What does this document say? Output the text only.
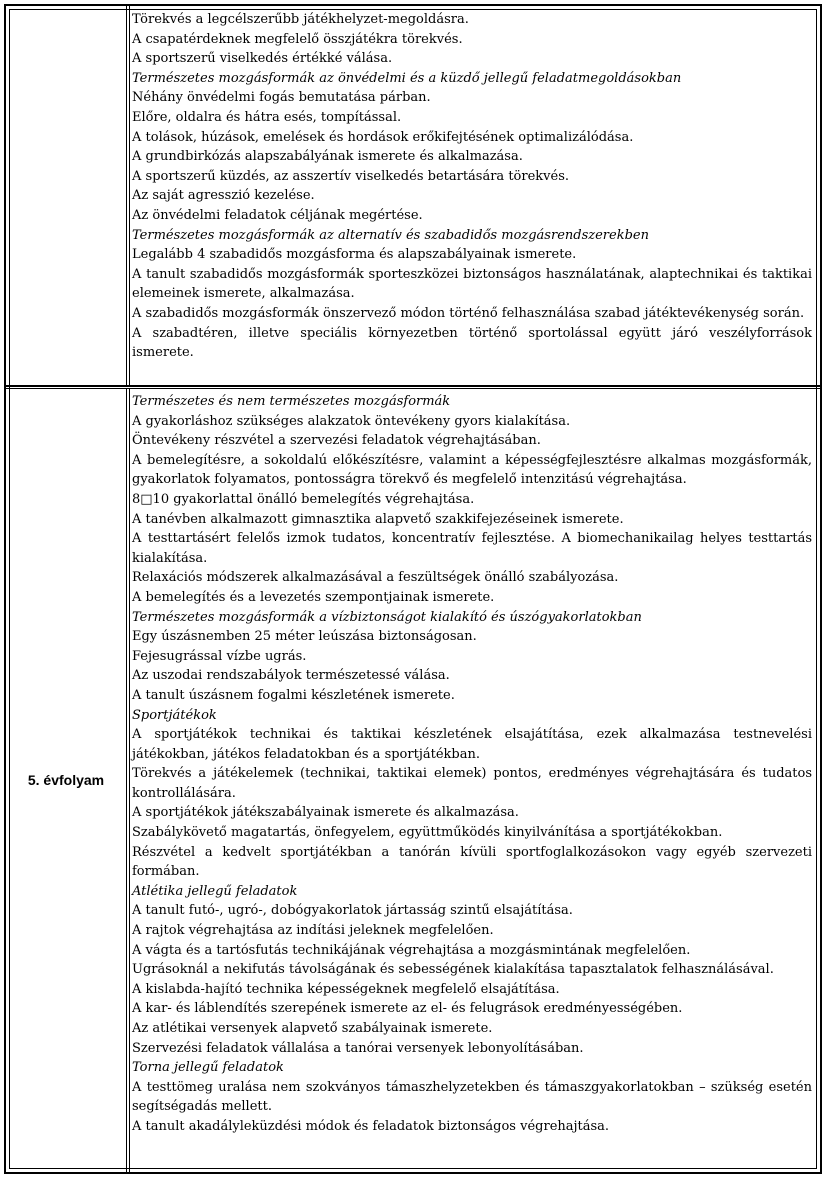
Törekvés a legcélszerűbb játékhelyzet-megoldásra.
A csapatérdeknek megfelelő összjátékra törekvés.
A sportszerű viselkedés értékké válása.
Természetes mozgásformák az önvédelmi és a küzdő jellegű feladatmegoldásokban
Néhány önvédelmi fogás bemutatása párban.
Előre, oldalra és hátra esés, tompítással.
A tolások, húzások, emelések és hordások erőkifejtésének optimalizálódása.
A grundbirkózás alapszabályának ismerete és alkalmazása.
A sportszerű küzdés, az asszertív viselkedés betartására törekvés.
Az saját agresszió kezelése.
Az önvédelmi feladatok céljának megértése.
Természetes mozgásformák az alternatív és szabadidős mozgásrendszerekben
Legalább 4 szabadidős mozgásforma és alapszabályainak ismerete.
A tanult szabadidős mozgásformák sporteszközei biztonságos használatának, alaptechnikai és taktikai elemeinek ismerete, alkalmazása.
A szabadidős mozgásformák önszervező módon történő felhasználása szabad játéktevékenység során.
A szabadtéren, illetve speciális környezetben történő sportolással együtt járó veszélyforrások ismerete.
5. évfolyam
Természetes és nem természetes mozgásformák
A gyakorláshoz szükséges alakzatok öntevékeny gyors kialakítása.
Öntevékeny részvétel a szervezési feladatok végrehajtásában.
A bemelegítésre, a sokoldalú előkészítésre, valamint a képességfejlesztésre alkalmas mozgásformák, gyakorlatok folyamatos, pontosságra törekvő és megfelelő intenzitású végrehajtása.
8□10 gyakorlattal önálló bemelegítés végrehajtása.
A tanévben alkalmazott gimnasztika alapvető szakkifejezéseinek ismerete.
A testtartásért felelős izmok tudatos, koncentratív fejlesztése. A biomechanikailag helyes testtartás kialakítása.
Relaxációs módszerek alkalmazásával a feszültségek önálló szabályozása.
A bemelegítés és a levezetés szempontjainak ismerete.
Természetes mozgásformák a vízbiztonságot kialakító és úszógyakorlatokban
Egy úszásnemben 25 méter leúszása biztonságosan.
Fejesugrással vízbe ugrás.
Az uszodai rendszabályok természetessé válása.
A tanult úszásnem fogalmi készletének ismerete.
Sportjátékok
A sportjátékok technikai és taktikai készletének elsajátítása, ezek alkalmazása testnevelési játékokban, játékos feladatokban és a sportjátékban.
Törekvés a játékelemek (technikai, taktikai elemek) pontos, eredményes végrehajtására és tudatos kontrollálására.
A sportjátékok játékszabályainak ismerete és alkalmazása.
Szabálykövető magatartás, önfegyelem, együttműködés kinyilvánítása a sportjátékokban.
Részvétel a kedvelt sportjátékban a tanórán kívüli sportfoglalkozásokon vagy egyéb szervezeti formában.
Atlétika jellegű feladatok
A tanult futó-, ugró-, dobógyakorlatok jártasság szintű elsajátítása.
A rajtok végrehajtása az indítási jeleknek megfelelően.
A vágta és a tartósfutás technikájának végrehajtása a mozgásmintának megfelelően.
Ugrásoknál a nekifutás távolságának és sebességének kialakítása tapasztalatok felhasználásával.
A kislabda-hajító technika képességeknek megfelelő elsajátítása.
A kar- és láblendítés szerepének ismerete az el- és felugrások eredményességében.
Az atlétikai versenyek alapvető szabályainak ismerete.
Szervezési feladatok vállalása a tanórai versenyek lebonyolításában.
Torna jellegű feladatok
A testtömeg uralása nem szokványos támaszhelyzetekben és támaszgyakorlatokban – szükség esetén segítségadás mellett.
A tanult akadályleküzdési módok és feladatok biztonságos végrehajtása.
